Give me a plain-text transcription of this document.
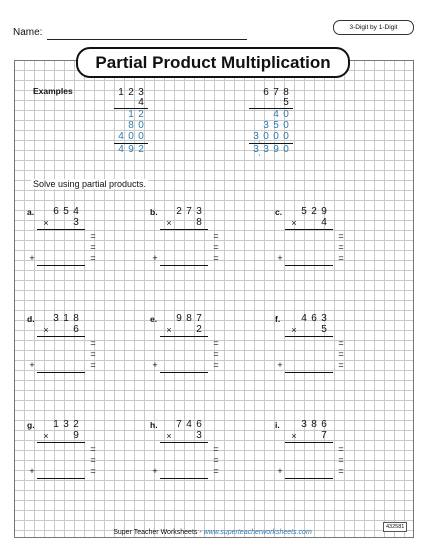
Name:	3-Digit by 1-Digit
Partial Product Multiplication
Examples	1 2 3
4
1 2
8 0
4 0 0
4 9 2
6 7 8
5
4 0
3 5 0
3 0 0 0
,
3 3 9 0
,
Solve using partial products.
a. 6 5 4
× 3
=
=
+	=
b. 2 7 3
× 8
=
=
+	=
c. 5 2 9
× 4
=
=
+	=
d. 3 1 8
× 6
=
=
+	=
e. 9 8 7
× 2
=
=
+	=
f. 4 6 3
× 5
=
=
+	=
g. 1 3 2
× 9
=
=
+	=
h. 7 4 6
× 3
=
=
+	=
i. 3 8 6
× 7
=
=
+	=
Super Teacher Worksheets - www.superteacherworksheets.com
432581
